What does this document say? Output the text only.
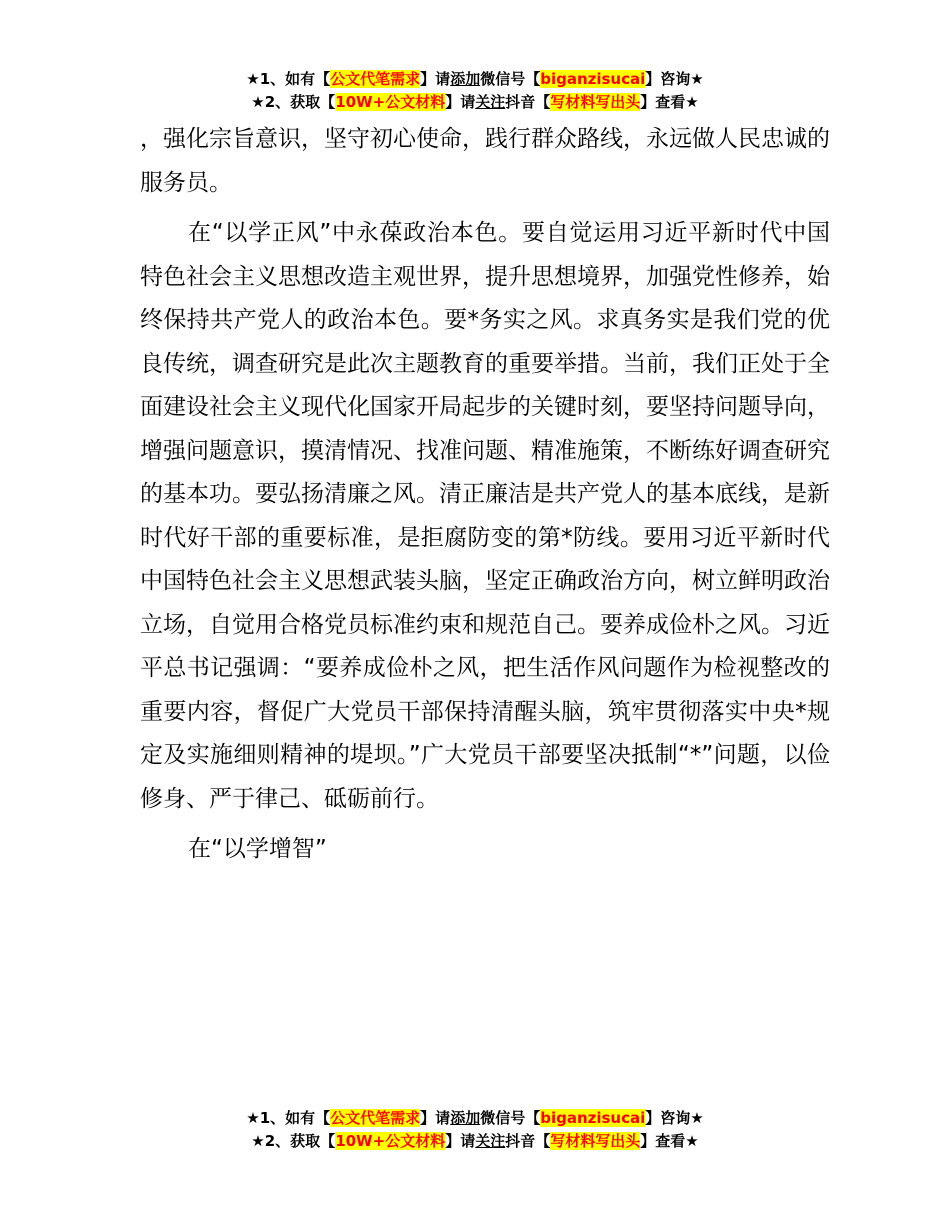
★1、如有【公文代笔需求】请添加微信号【biganzisucai】咨询★
★2、获取【10W+公文材料】请关注抖音【写材料写出头】查看★

，强化宗旨意识，坚守初心使命，践行群众路线，永远做人民忠诚的服务员。

在“以学正风”中永葆政治本色。要自觉运用习近平新时代中国特色社会主义思想改造主观世界，提升思想境界，加强党性修养，始终保持共产党人的政治本色。要*务实之风。求真务实是我们党的优良传统，调查研究是此次主题教育的重要举措。当前，我们正处于全面建设社会主义现代化国家开局起步的关键时刻，要坚持问题导向，增强问题意识，摸清情况、找准问题、精准施策，不断练好调查研究的基本功。要弘扬清廉之风。清正廉洁是共产党人的基本底线，是新时代好干部的重要标准，是拒腐防变的第*防线。要用习近平新时代中国特色社会主义思想武装头脑，坚定正确政治方向，树立鲜明政治立场，自觉用合格党员标准约束和规范自己。要养成俭朴之风。习近平总书记强调：“要养成俭朴之风，把生活作风问题作为检视整改的重要内容，督促广大党员干部保持清醒头脑，筑牢贯彻落实中央*规定及实施细则精神的堤坝。”广大党员干部要坚决抵制“*”问题，以俭修身、严于律己、砥砺前行。

在“以学增智”

★1、如有【公文代笔需求】请添加微信号【biganzisucai】咨询★
★2、获取【10W+公文材料】请关注抖音【写材料写出头】查看★
